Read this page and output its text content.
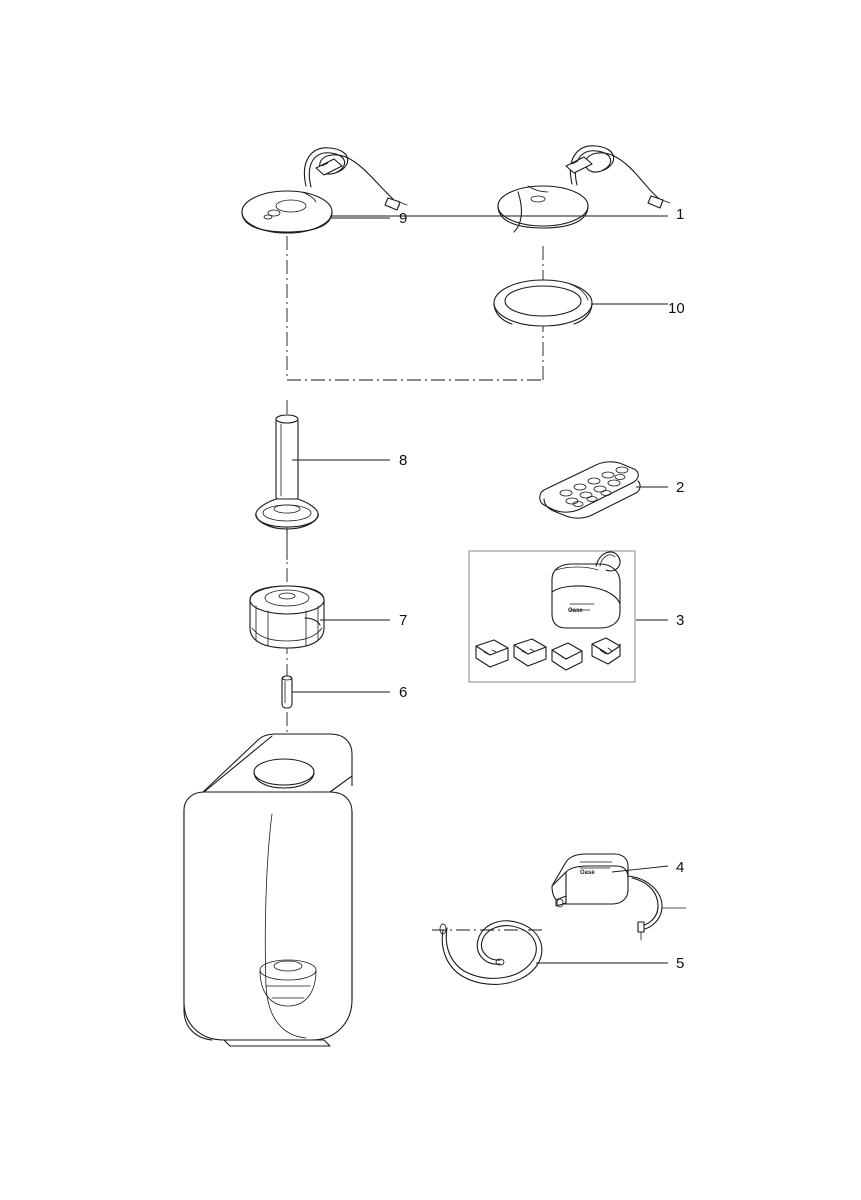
Oase
Oase
1
2
3
4
5
6
7
8
9
10
